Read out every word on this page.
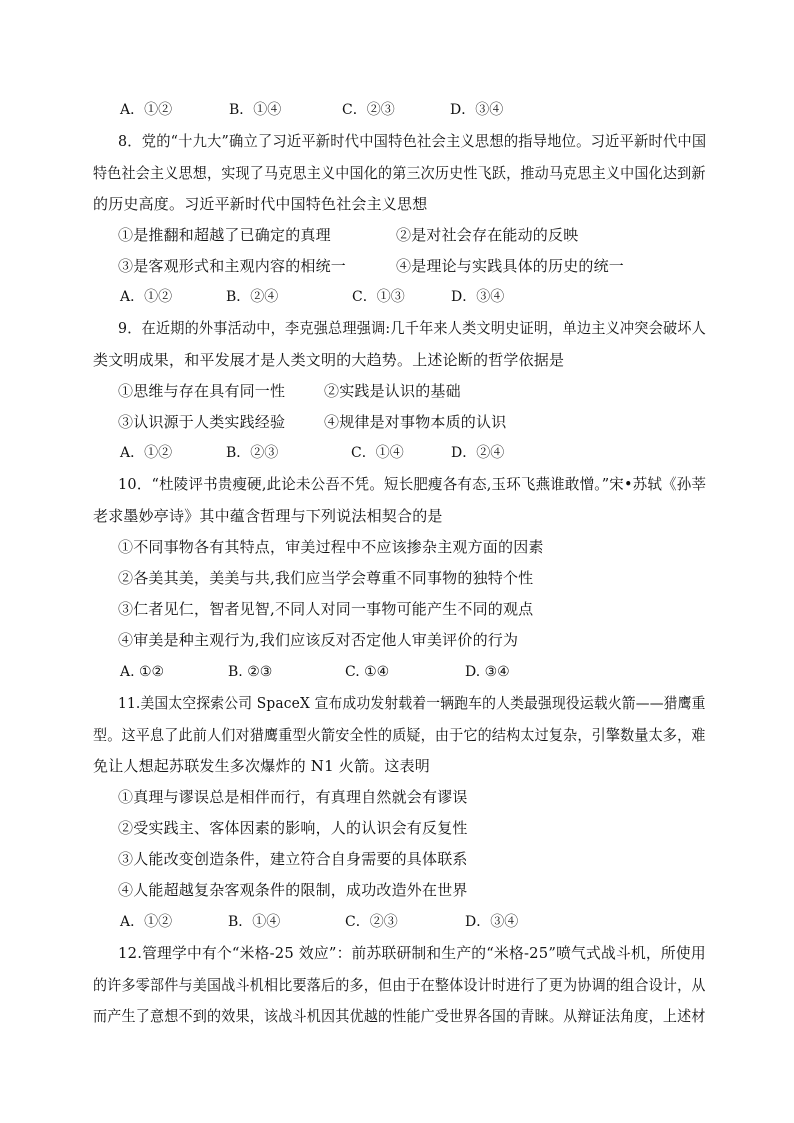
A．①②	B．①④	C．②③	D．③④
8．党的“十九大”确立了习近平新时代中国特色社会主义思想的指导地位。习近平新时代中国
特色社会主义思想，实现了马克思主义中国化的第三次历史性飞跃，推动马克思主义中国化达到新
的历史高度。习近平新时代中国特色社会主义思想
①是推翻和超越了已确定的真理	②是对社会存在能动的反映
③是客观形式和主观内容的相统一	④是理论与实践具体的历史的统一
A．①②	B．②④	C．①③	D．③④
9．在近期的外事活动中，李克强总理强调:几千年来人类文明史证明，单边主义冲突会破坏人
类文明成果，和平发展才是人类文明的大趋势。上述论断的哲学依据是
①思维与存在具有同一性	②实践是认识的基础
③认识源于人类实践经验	④规律是对事物本质的认识
A．①②	B．②③	C．①④	D．②④
10．“杜陵评书贵瘦硬,此论未公吾不凭。短长肥瘦各有态,玉环飞燕谁敢憎。”宋•苏轼《孙莘
老求墨妙亭诗》其中蕴含哲理与下列说法相契合的是
①不同事物各有其特点，审美过程中不应该掺杂主观方面的因素
②各美其美，美美与共,我们应当学会尊重不同事物的独特个性
③仁者见仁，智者见智,不同人对同一事物可能产生不同的观点
④审美是种主观行为,我们应该反对否定他人审美评价的行为
A. ①②	B. ②③	C. ①④	D. ③④
11.美国太空探索公司 SpaceX 宣布成功发射载着一辆跑车的人类最强现役运载火箭——猎鹰重
型。这平息了此前人们对猎鹰重型火箭安全性的质疑，由于它的结构太过复杂，引擎数量太多，难
免让人想起苏联发生多次爆炸的 N1 火箭。这表明
①真理与谬误总是相伴而行，有真理自然就会有谬误
②受实践主、客体因素的影响，人的认识会有反复性
③人能改变创造条件，建立符合自身需要的具体联系
④人能超越复杂客观条件的限制，成功改造外在世界
A．①②	B．①④	C．②③	D．③④
12.管理学中有个“米格-25 效应”：前苏联研制和生产的“米格-25”喷气式战斗机，所使用
的许多零部件与美国战斗机相比要落后的多，但由于在整体设计时进行了更为协调的组合设计，从
而产生了意想不到的效果，该战斗机因其优越的性能广受世界各国的青睐。从辩证法角度，上述材
